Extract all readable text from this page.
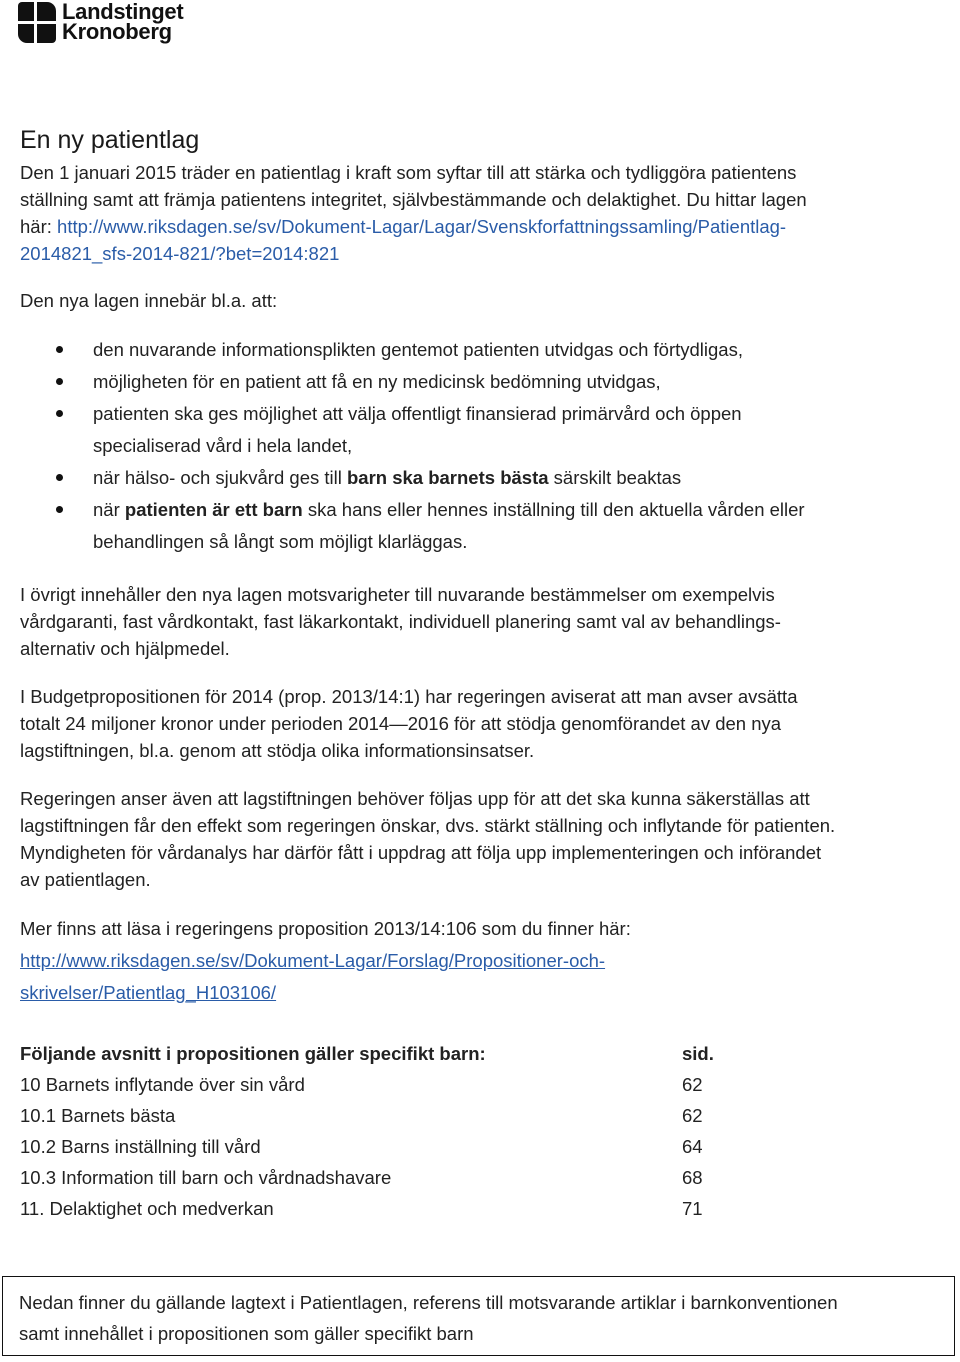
Landstinget
Kronoberg
En ny patientlag
Den 1 januari 2015 träder en patientlag i kraft som syftar till att stärka och tydliggöra patientens
ställning samt att främja patientens integritet, självbestämmande och delaktighet. Du hittar lagen
här: http://www.riksdagen.se/sv/Dokument-Lagar/Lagar/Svenskforfattningssamling/Patientlag-
2014821_sfs-2014-821/?bet=2014:821
Den nya lagen innebär bl.a. att:
den nuvarande informationsplikten gentemot patienten utvidgas och förtydligas,
möjligheten för en patient att få en ny medicinsk bedömning utvidgas,
patienten ska ges möjlighet att välja offentligt finansierad primärvård och öppen
specialiserad vård i hela landet,
när hälso- och sjukvård ges till barn ska barnets bästa särskilt beaktas
när patienten är ett barn ska hans eller hennes inställning till den aktuella vården eller
behandlingen så långt som möjligt klarläggas.
I övrigt innehåller den nya lagen motsvarigheter till nuvarande bestämmelser om exempelvis
vårdgaranti, fast vårdkontakt, fast läkarkontakt, individuell planering samt val av behandlings-
alternativ och hjälpmedel.
I Budgetpropositionen för 2014 (prop. 2013/14:1) har regeringen aviserat att man avser avsätta
totalt 24 miljoner kronor under perioden 2014—2016 för att stödja genomförandet av den nya
lagstiftningen, bl.a. genom att stödja olika informationsinsatser.
Regeringen anser även att lagstiftningen behöver följas upp för att det ska kunna säkerställas att
lagstiftningen får den effekt som regeringen önskar, dvs. stärkt ställning och inflytande för patienten.
Myndigheten för vårdanalys har därför fått i uppdrag att följa upp implementeringen och införandet
av patientlagen.
Mer finns att läsa i regeringens proposition 2013/14:106 som du finner här:
http://www.riksdagen.se/sv/Dokument-Lagar/Forslag/Propositioner-och-
skrivelser/Patientlag_H103106/
Följande avsnitt i propositionen gäller specifikt barn:	sid.
10 Barnets inflytande över sin vård	62
10.1 Barnets bästa	62
10.2 Barns inställning till vård	64
10.3 Information till barn och vårdnadshavare	68
11. Delaktighet och medverkan	71
Nedan finner du gällande lagtext i Patientlagen, referens till motsvarande artiklar i barnkonventionen
samt innehållet i propositionen som gäller specifikt barn
